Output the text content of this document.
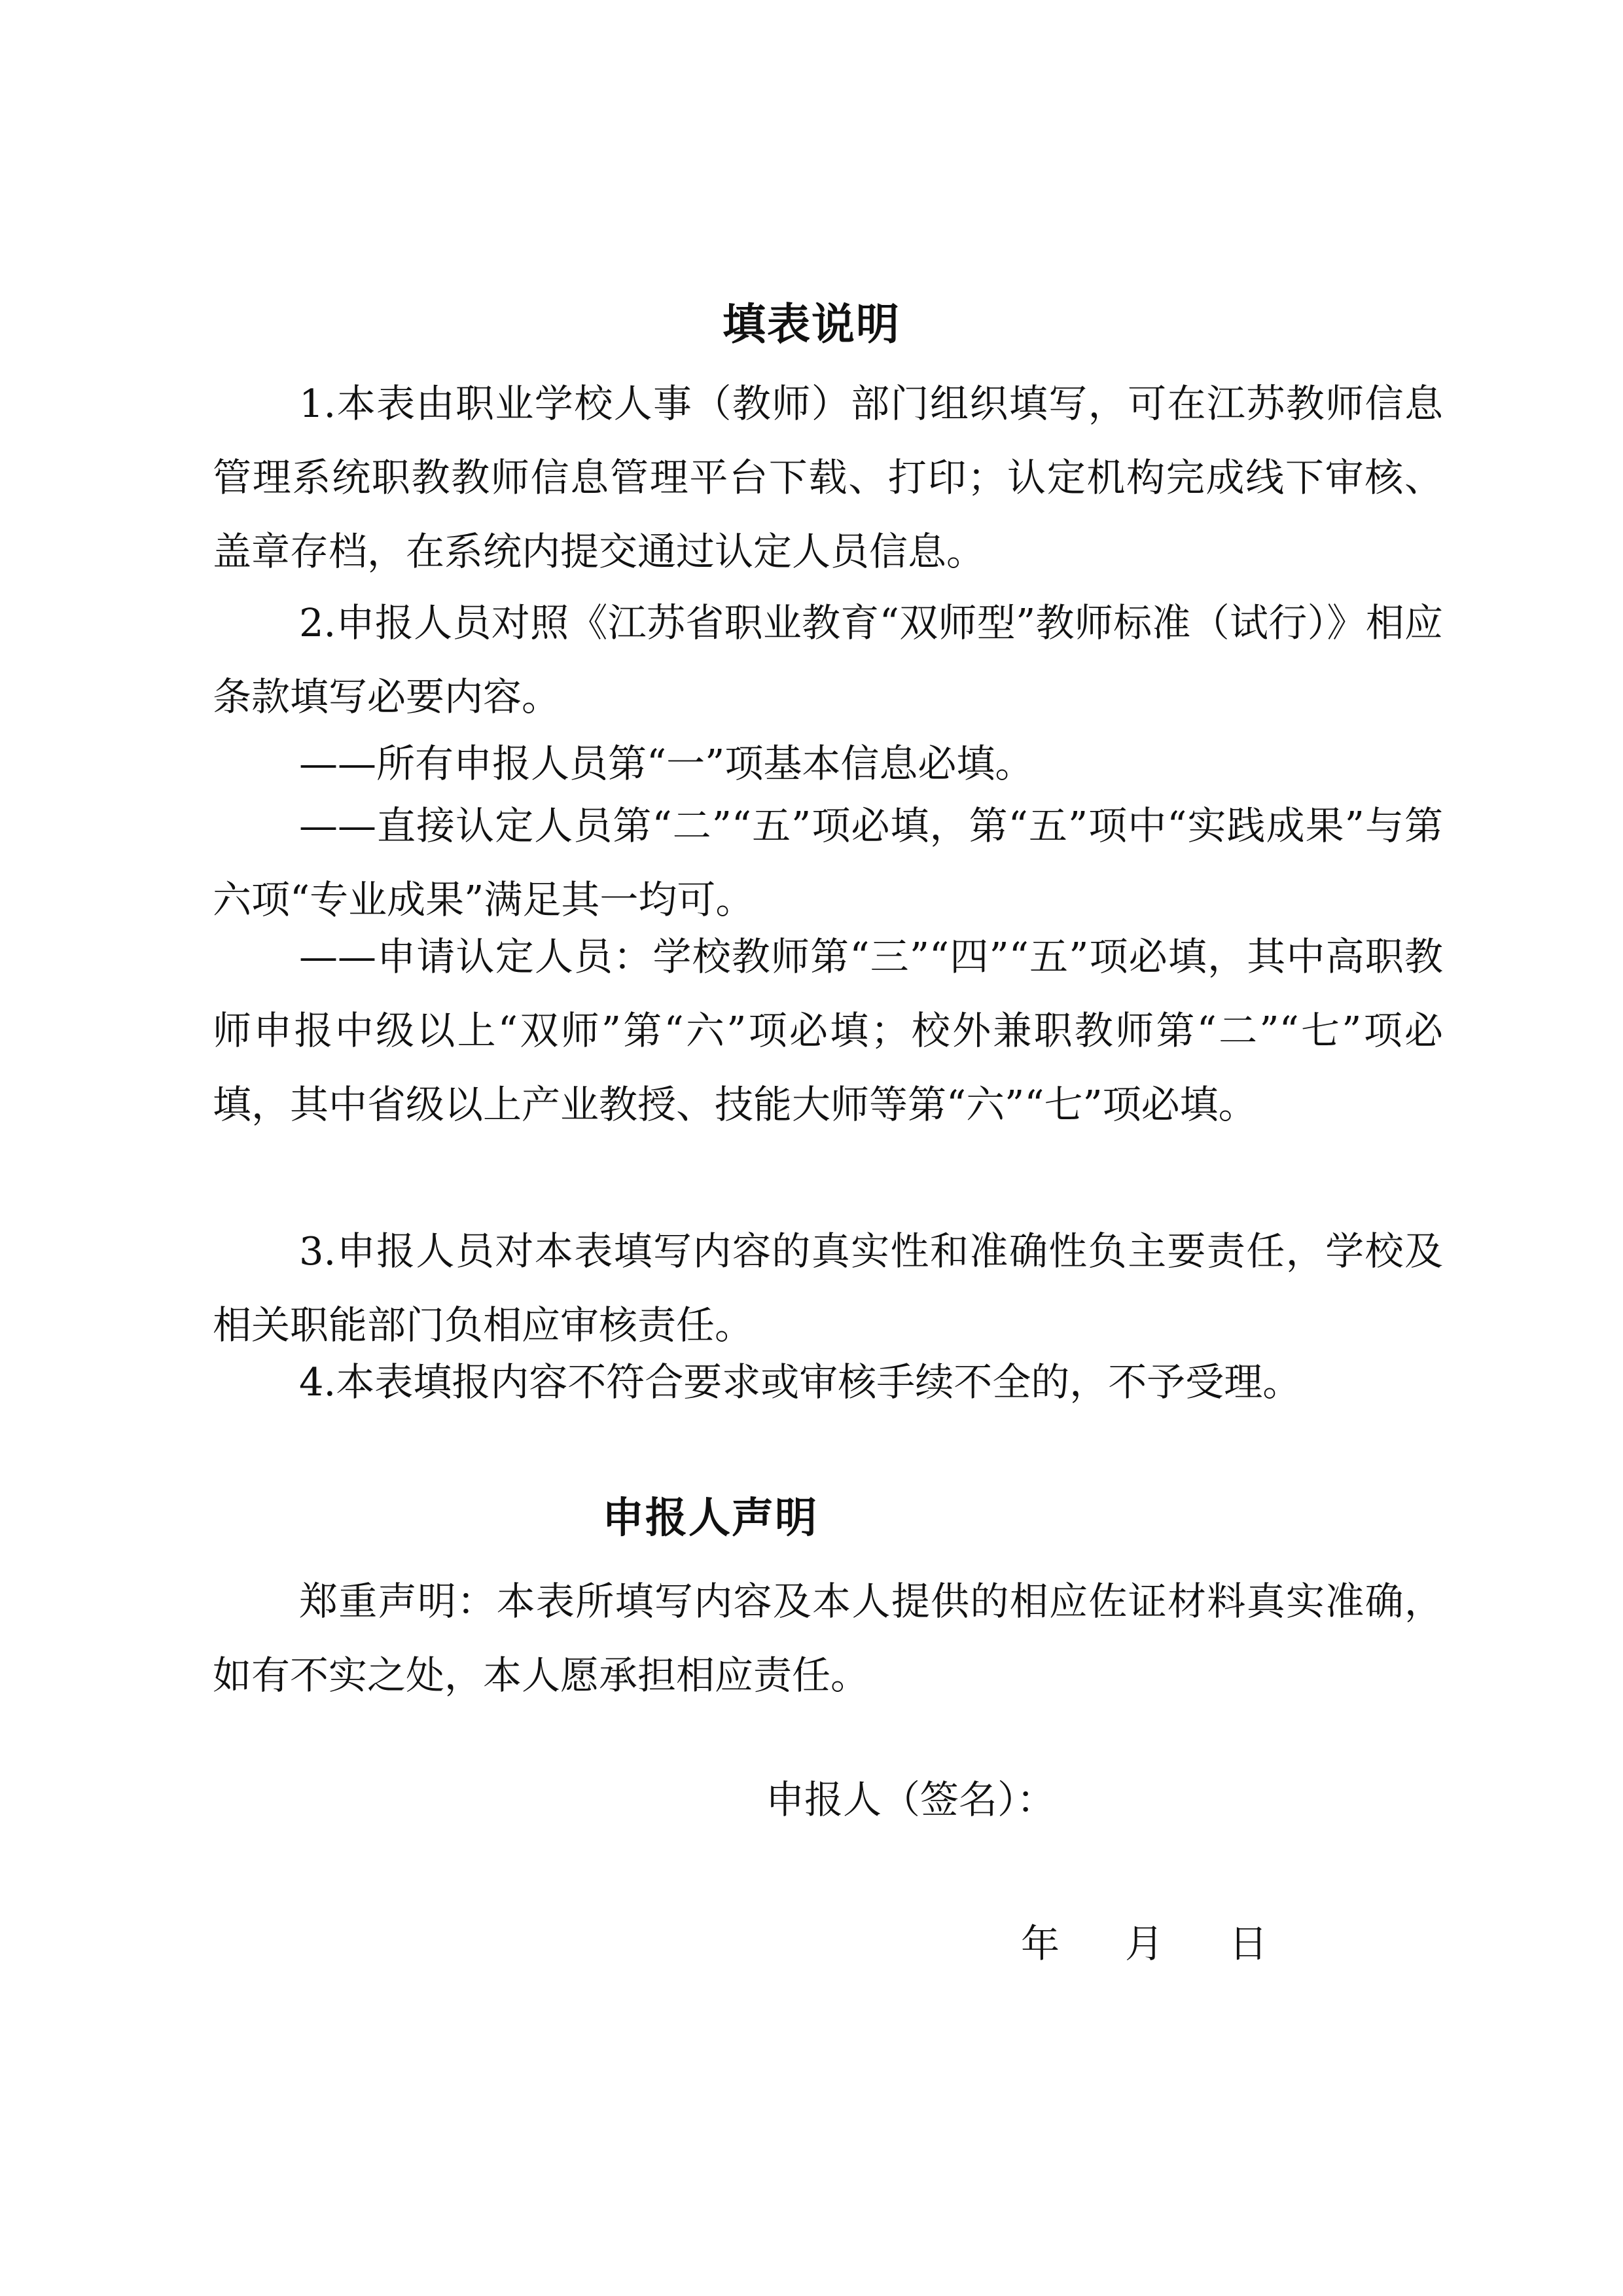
填表说明

1.本表由职业学校人事（教师）部门组织填写，可在江苏教师信息管理系统职教教师信息管理平台下载、打印；认定机构完成线下审核、盖章存档，在系统内提交通过认定人员信息。

2.申报人员对照《江苏省职业教育“双师型”教师标准（试行）》相应条款填写必要内容。

——所有申报人员第“一”项基本信息必填。

——直接认定人员第“二”“五”项必填，第“五”项中“实践成果”与第六项“专业成果”满足其一均可。

——申请认定人员：学校教师第“三”“四”“五”项必填，其中高职教师申报中级以上“双师”第“六”项必填；校外兼职教师第“二”“七”项必填，其中省级以上产业教授、技能大师等第“六”“七”项必填。

3.申报人员对本表填写内容的真实性和准确性负主要责任，学校及相关职能部门负相应审核责任。

4.本表填报内容不符合要求或审核手续不全的，不予受理。

申报人声明

郑重声明：本表所填写内容及本人提供的相应佐证材料真实准确，如有不实之处，本人愿承担相应责任。

申报人（签名）：

年 月 日
